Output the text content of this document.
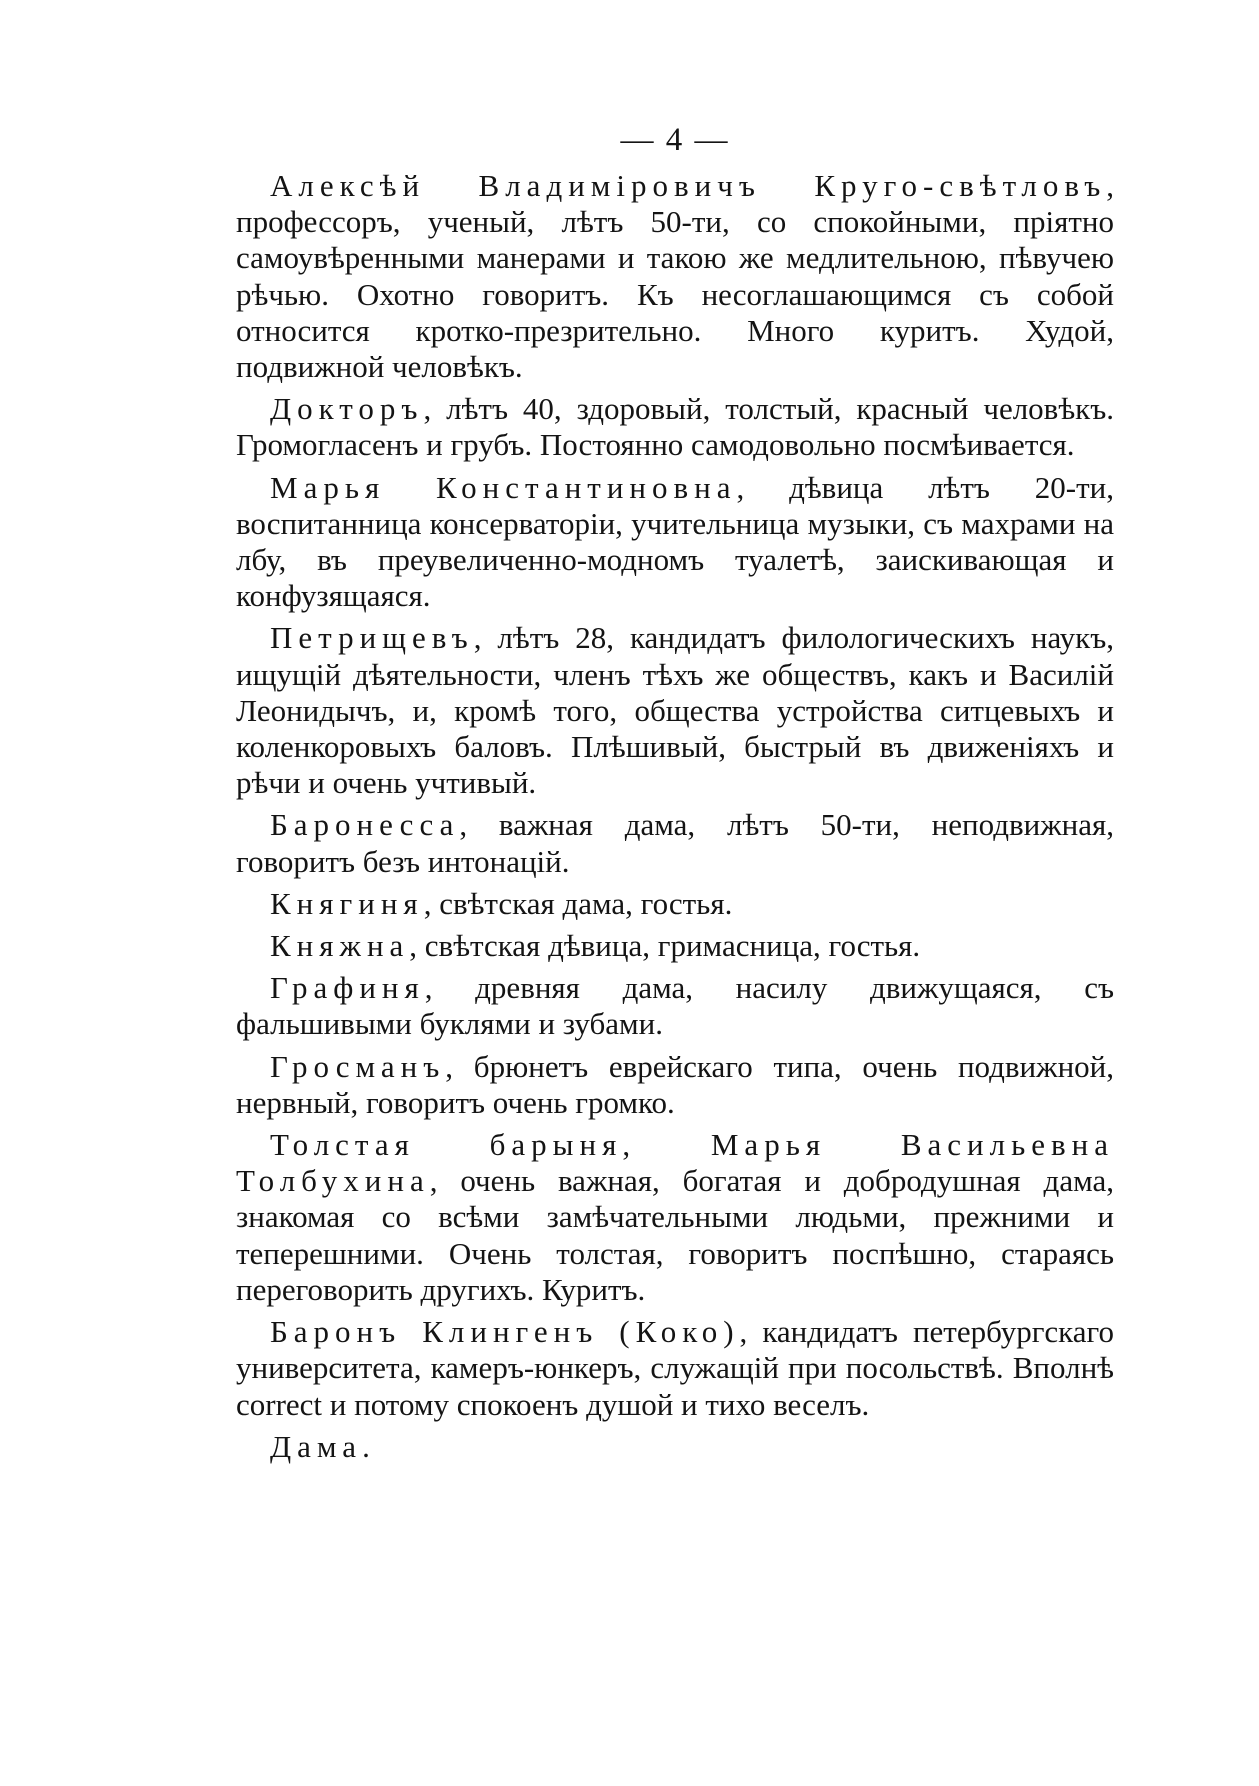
— 4 —

Алексѣй Владимiровичъ Круго-свѣтловъ, профессоръ, ученый, лѣтъ 50-ти, со спокойными, прiятно самоувѣренными манерами и такою же медлительною, пѣвучею рѣчью. Охотно говоритъ. Къ несоглашающимся съ собой относится кротко-презрительно. Много куритъ. Худой, подвижной человѣкъ.

Докторъ, лѣтъ 40, здоровый, толстый, красный человѣкъ. Громогласенъ и грубъ. Постоянно самодовольно посмѣивается.

Марья Константиновна, дѣвица лѣтъ 20-ти, воспитанница консерваторiи, учительница музыки, съ махрами на лбу, въ преувеличенно-модномъ туалетѣ, заискивающая и конфузящаяся.

Петрищевъ, лѣтъ 28, кандидатъ филологическихъ наукъ, ищущiй дѣятельности, членъ тѣхъ же обществъ, какъ и Василiй Леонидычъ, и, кромѣ того, общества устройства ситцевыхъ и коленкоровыхъ баловъ. Плѣшивый, быстрый въ движенiяхъ и рѣчи и очень учтивый.

Баронесса, важная дама, лѣтъ 50-ти, неподвижная, говоритъ безъ интонацiй.

Княгиня, свѣтская дама, гостья.

Княжна, свѣтская дѣвица, гримасница, гостья.

Графиня, древняя дама, насилу движущаяся, съ фальшивыми буклями и зубами.

Гросманъ, брюнетъ еврейскаго типа, очень подвижной, нервный, говоритъ очень громко.

Толстая барыня, Марья Васильевна Толбухина, очень важная, богатая и добродушная дама, знакомая со всѣми замѣчательными людьми, прежними и теперешними. Очень толстая, говоритъ поспѣшно, стараясь переговорить другихъ. Куритъ.

Баронъ Клингенъ (Коко), кандидатъ петербургскаго университета, камеръ-юнкеръ, служащiй при посольствѣ. Вполнѣ correct и потому спокоенъ душой и тихо веселъ.

Дама.
